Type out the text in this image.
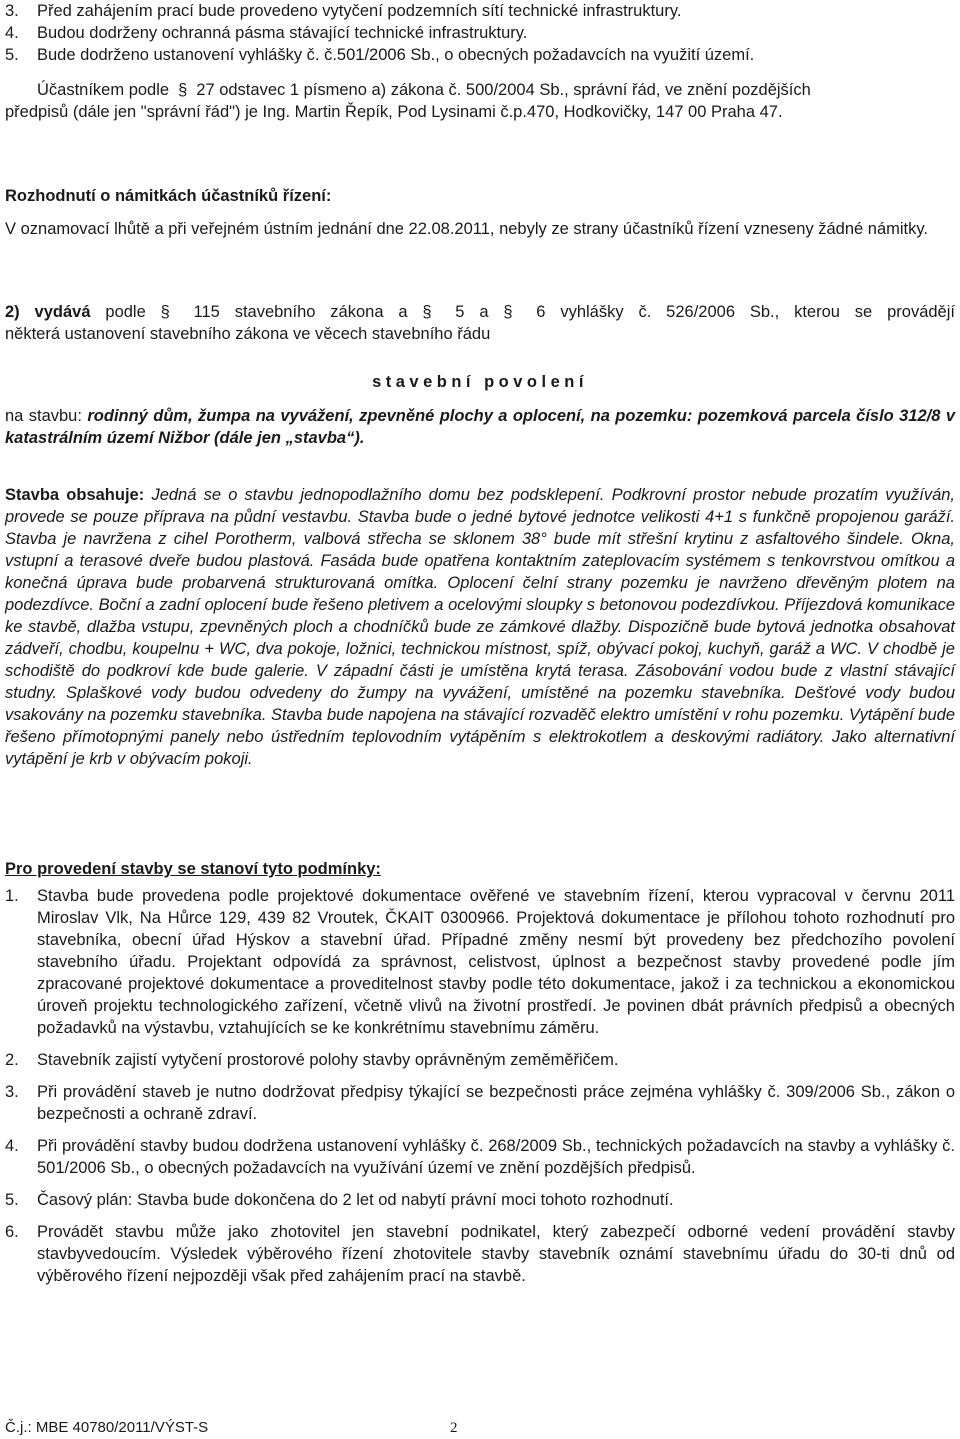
3.	Před zahájením prací bude provedeno vytyčení podzemních sítí technické infrastruktury.
4.	Budou dodrženy ochranná pásma stávající technické infrastruktury.
5.	Bude dodrženo ustanovení vyhlášky č. č.501/2006 Sb., o obecných požadavcích na využití území.

Účastníkem podle § 27 odstavec 1 písmeno a) zákona č. 500/2004 Sb., správní řád, ve znění pozdějších

předpisů (dále jen "správní řád") je Ing. Martin Řepík, Pod Lysinami č.p.470, Hodkovičky, 147 00 Praha 47.

Rozhodnutí o námitkách účastníků řízení:

V oznamovací lhůtě a při veřejném ústním jednání dne 22.08.2011, nebyly ze strany účastníků řízení vzneseny žádné námitky.

2) vydává podle § 115 stavebního zákona a § 5 a § 6 vyhlášky č. 526/2006 Sb., kterou se provádějí

některá ustanovení stavebního zákona ve věcech stavebního řádu

stavební povolení

na stavbu: rodinný dům, žumpa na vyvážení, zpevněné plochy a oplocení, na pozemku: pozemková parcela číslo 312/8 v katastrálním území Nižbor (dále jen „stavba“).

Stavba obsahuje: Jedná se o stavbu jednopodlažního domu bez podsklepení. Podkrovní prostor nebude prozatím využíván, provede se pouze příprava na půdní vestavbu. Stavba bude o jedné bytové jednotce velikosti 4+1 s funkčně propojenou garáží. Stavba je navržena z cihel Porotherm, valbová střecha se sklonem 38° bude mít střešní krytinu z asfaltového šindele. Okna, vstupní a terasové dveře budou plastová. Fasáda bude opatřena kontaktním zateplovacím systémem s tenkovrstvou omítkou a konečná úprava bude probarvená strukturovaná omítka. Oplocení čelní strany pozemku je navrženo dřevěným plotem na podezdívce. Boční a zadní oplocení bude řešeno pletivem a ocelovými sloupky s betonovou podezdívkou. Příjezdová komunikace ke stavbě, dlažba vstupu, zpevněných ploch a chodníčků bude ze zámkové dlažby. Dispozičně bude bytová jednotka obsahovat zádveří, chodbu, koupelnu + WC, dva pokoje, ložnici, technickou místnost, spíž, obývací pokoj, kuchyň, garáž a WC. V chodbě je schodiště do podkroví kde bude galerie. V západní části je umístěna krytá terasa. Zásobování vodou bude z vlastní stávající studny. Splaškové vody budou odvedeny do žumpy na vyvážení, umístěné na pozemku stavebníka. Dešťové vody budou vsakovány na pozemku stavebníka. Stavba bude napojena na stávající rozvaděč elektro umístění v rohu pozemku. Vytápění bude řešeno přímotopnými panely nebo ústředním teplovodním vytápěním s elektrokotlem a deskovými radiátory. Jako alternativní vytápění je krb v obývacím pokoji.

Pro provedení stavby se stanoví tyto podmínky:

1.	Stavba bude provedena podle projektové dokumentace ověřené ve stavebním řízení, kterou vypracoval v červnu 2011 Miroslav Vlk, Na Hůrce 129, 439 82 Vroutek, ČKAIT 0300966. Projektová dokumentace je přílohou tohoto rozhodnutí pro stavebníka, obecní úřad Hýskov a stavební úřad. Případné změny nesmí být provedeny bez předchozího povolení stavebního úřadu. Projektant odpovídá za správnost, celistvost, úplnost a bezpečnost stavby provedené podle jím zpracované projektové dokumentace a proveditelnost stavby podle této dokumentace, jakož i za technickou a ekonomickou úroveň projektu technologického zařízení, včetně vlivů na životní prostředí. Je povinen dbát právních předpisů a obecných požadavků na výstavbu, vztahujících se ke konkrétnímu stavebnímu záměru.
2.	Stavebník zajistí vytyčení prostorové polohy stavby oprávněným zeměměřičem.
3.	Při provádění staveb je nutno dodržovat předpisy týkající se bezpečnosti práce zejména vyhlášky č. 309/2006 Sb., zákon o bezpečnosti a ochraně zdraví.
4.	Při provádění stavby budou dodržena ustanovení vyhlášky č. 268/2009 Sb., technických požadavcích na stavby a vyhlášky č. 501/2006 Sb., o obecných požadavcích na využívání území ve znění pozdějších předpisů.
5.	Časový plán: Stavba bude dokončena do 2 let od nabytí právní moci tohoto rozhodnutí.
6.	Provádět stavbu může jako zhotovitel jen stavební podnikatel, který zabezpečí odborné vedení provádění stavby stavbyvedoucím. Výsledek výběrového řízení zhotovitele stavby stavebník oznámí stavebnímu úřadu do 30-ti dnů od výběrového řízení nejpozději však před zahájením prací na stavbě.
Č.j.: MBE 40780/2011/VÝST-S	2
